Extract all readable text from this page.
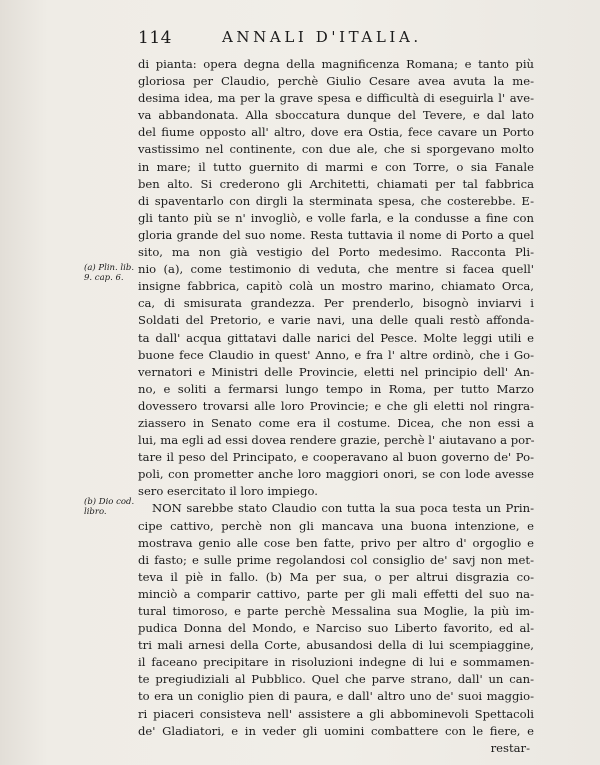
114	ANNALI D'ITALIA.
(a) Plin. lib.
9. cap. 6.
(b) Dio cod.
libro.
di pianta: opera degna della magnificenza Romana; e tanto più
gloriosa per Claudio, perchè Giulio Cesare avea avuta la me-
desima idea, ma per la grave spesa e difficultà di eseguirla l' ave-
va abbandonata. Alla sboccatura dunque del Tevere, e dal lato
del fiume opposto all' altro, dove era Ostia, fece cavare un Porto
vastissimo nel continente, con due ale, che si sporgevano molto
in mare; il tutto guernito di marmi e con Torre, o sia Fanale
ben alto. Si crederono gli Architetti, chiamati per tal fabbrica
di spaventarlo con dirgli la sterminata spesa, che costerebbe. E-
gli tanto più se n' invogliò, e volle farla, e la condusse a fine con
gloria grande del suo nome. Resta tuttavia il nome di Porto a quel
sito, ma non già vestigio del Porto medesimo. Racconta Pli-
nio (a), come testimonio di veduta, che mentre si facea quell'
insigne fabbrica, capitò colà un mostro marino, chiamato Orca,
ca, di smisurata grandezza. Per prenderlo, bisognò inviarvi i
Soldati del Pretorio, e varie navi, una delle quali restò affonda-
ta dall' acqua gittatavi dalle narici del Pesce. Molte leggi utili e
buone fece Claudio in quest' Anno, e fra l' altre ordinò, che i Go-
vernatori e Ministri delle Provincie, eletti nel principio dell' An-
no, e soliti a fermarsi lungo tempo in Roma, per tutto Marzo
dovessero trovarsi alle loro Provincie; e che gli eletti nol ringra-
ziassero in Senato come era il costume. Dicea, che non essi a
lui, ma egli ad essi dovea rendere grazie, perchè l' aiutavano a por-
tare il peso del Principato, e cooperavano al buon governo de' Po-
poli, con prometter anche loro maggiori onori, se con lode avesse
sero esercitato il loro impiego.
NON sarebbe stato Claudio con tutta la sua poca testa un Prin-
cipe cattivo, perchè non gli mancava una buona intenzione, e
mostrava genio alle cose ben fatte, privo per altro d' orgoglio e
di fasto; e sulle prime regolandosi col consiglio de' savj non met-
teva il piè in fallo. (b) Ma per sua, o per altrui disgrazia co-
minciò a comparir cattivo, parte per gli mali effetti del suo na-
tural timoroso, e parte perchè Messalina sua Moglie, la più im-
pudica Donna del Mondo, e Narciso suo Liberto favorito, ed al-
tri mali arnesi della Corte, abusandosi della di lui scempiaggine,
il faceano precipitare in risoluzioni indegne di lui e sommamen-
te pregiudiziali al Pubblico. Quel che parve strano, dall' un can-
to era un coniglio pien di paura, e dall' altro uno de' suoi maggio-
ri piaceri consisteva nell' assistere a gli abbominevoli Spettacoli
de' Gladiatori, e in veder gli uomini combattere con le fiere, e
restar-
